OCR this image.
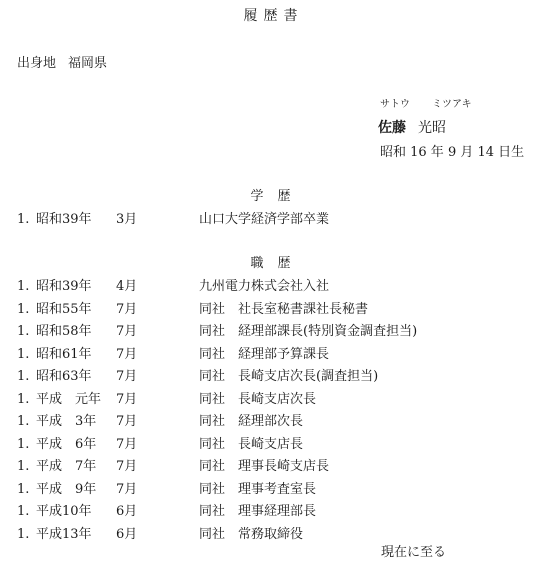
履歴書
出身地 福岡県
サトウ ミツアキ
佐藤 光昭
昭和 16 年 9 月 14 日生
学歴
1. 昭和39年 3月	山口大学経済学部卒業
職歴
1. 昭和39年 4月	九州電力株式会社入社
1. 昭和55年 7月	同社　社長室秘書課社長秘書
1. 昭和58年 7月	同社　経理部課長(特別資金調査担当)
1. 昭和61年 7月	同社　経理部予算課長
1. 昭和63年 7月	同社　長崎支店次長(調査担当)
1. 平成　元年 7月	同社　長崎支店次長
1. 平成　3年 7月	同社　経理部次長
1. 平成　6年 7月	同社　長崎支店長
1. 平成　7年 7月	同社　理事長崎支店長
1. 平成　9年 7月	同社　理事考査室長
1. 平成10年 6月	同社　理事経理部長
1. 平成13年 6月	同社　常務取締役
現在に至る
